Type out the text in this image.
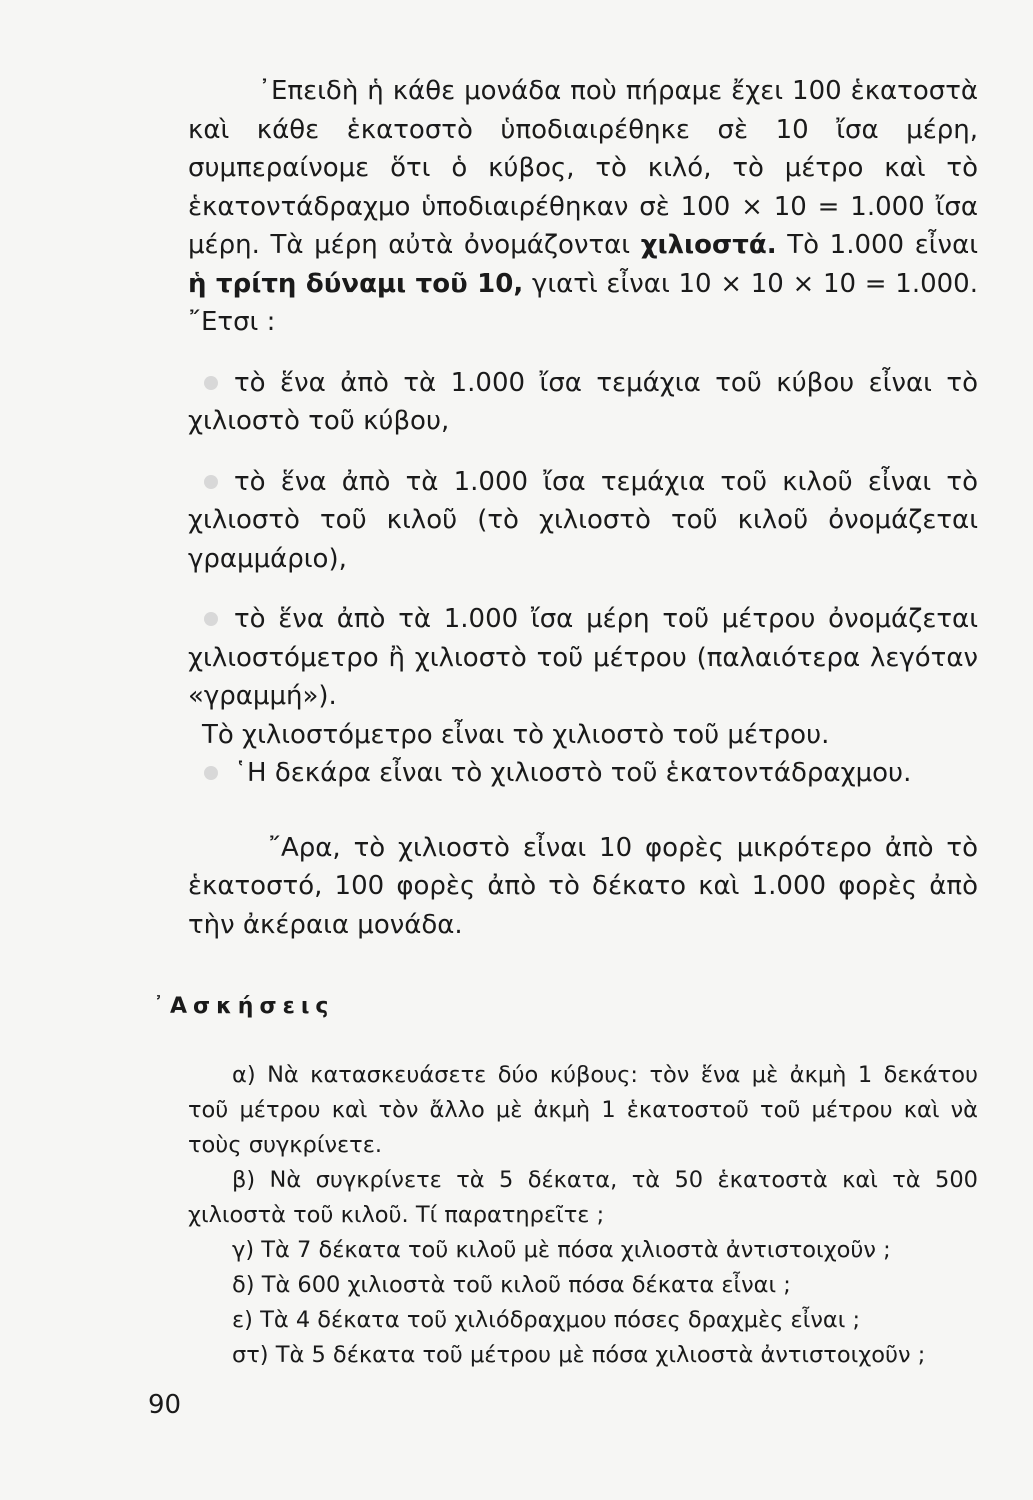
᾿Επειδὴ ἡ κάθε μονάδα ποὺ πήραμε ἔχει 100 ἑκατοστὰ καὶ κάθε ἑκατοστὸ ὑποδιαιρέθηκε σὲ 10 ἴσα μέρη, συμπεραίνομε ὅτι ὁ κύβος, τὸ κιλό, τὸ μέτρο καὶ τὸ ἑκατοντάδραχμο ὑποδιαιρέθηκαν σὲ 100 × 10 = 1.000 ἴσα μέρη. Τὰ μέρη αὐτὰ ὀνομάζονται χιλιοστά. Τὸ 1.000 εἶναι ἡ τρίτη δύναμι τοῦ 10, γιατὶ εἶναι 10 × 10 × 10 = 1.000. ῎Ετσι :

τὸ ἕνα ἀπὸ τὰ 1.000 ἴσα τεμάχια τοῦ κύβου εἶναι τὸ χιλιοστὸ τοῦ κύβου,

τὸ ἕνα ἀπὸ τὰ 1.000 ἴσα τεμάχια τοῦ κιλοῦ εἶναι τὸ χιλιοστὸ τοῦ κιλοῦ (τὸ χιλιοστὸ τοῦ κιλοῦ ὀνομάζεται γραμμάριο),

τὸ ἕνα ἀπὸ τὰ 1.000 ἴσα μέρη τοῦ μέτρου ὀνομάζεται χιλιοστόμετρο ἢ χιλιοστὸ τοῦ μέτρου (παλαιότερα λεγόταν «γραμμή»).

Τὸ χιλιοστόμετρο εἶναι τὸ χιλιοστὸ τοῦ μέτρου.

῾Η δεκάρα εἶναι τὸ χιλιοστὸ τοῦ ἑκατοντάδραχμου.

῎Αρα, τὸ χιλιοστὸ εἶναι 10 φορὲς μικρότερο ἀπὸ τὸ ἑκατοστό, 100 φορὲς ἀπὸ τὸ δέκατο καὶ 1.000 φορὲς ἀπὸ τὴν ἀκέραια μονάδα.

᾿Ασκήσεις

α) Νὰ κατασκευάσετε δύο κύβους: τὸν ἕνα μὲ ἀκμὴ 1 δεκάτου τοῦ μέτρου καὶ τὸν ἄλλο μὲ ἀκμὴ 1 ἑκατοστοῦ τοῦ μέτρου καὶ νὰ τοὺς συγκρίνετε.

β) Νὰ συγκρίνετε τὰ 5 δέκατα, τὰ 50 ἑκατοστὰ καὶ τὰ 500 χιλιοστὰ τοῦ κιλοῦ. Τί παρατηρεῖτε ;

γ) Τὰ 7 δέκατα τοῦ κιλοῦ μὲ πόσα χιλιοστὰ ἀντιστοιχοῦν ;

δ) Τὰ 600 χιλιοστὰ τοῦ κιλοῦ πόσα δέκατα εἶναι ;

ε) Τὰ 4 δέκατα τοῦ χιλιόδραχμου πόσες δραχμὲς εἶναι ;

στ) Τὰ 5 δέκατα τοῦ μέτρου μὲ πόσα χιλιοστὰ ἀντιστοιχοῦν ;

90
